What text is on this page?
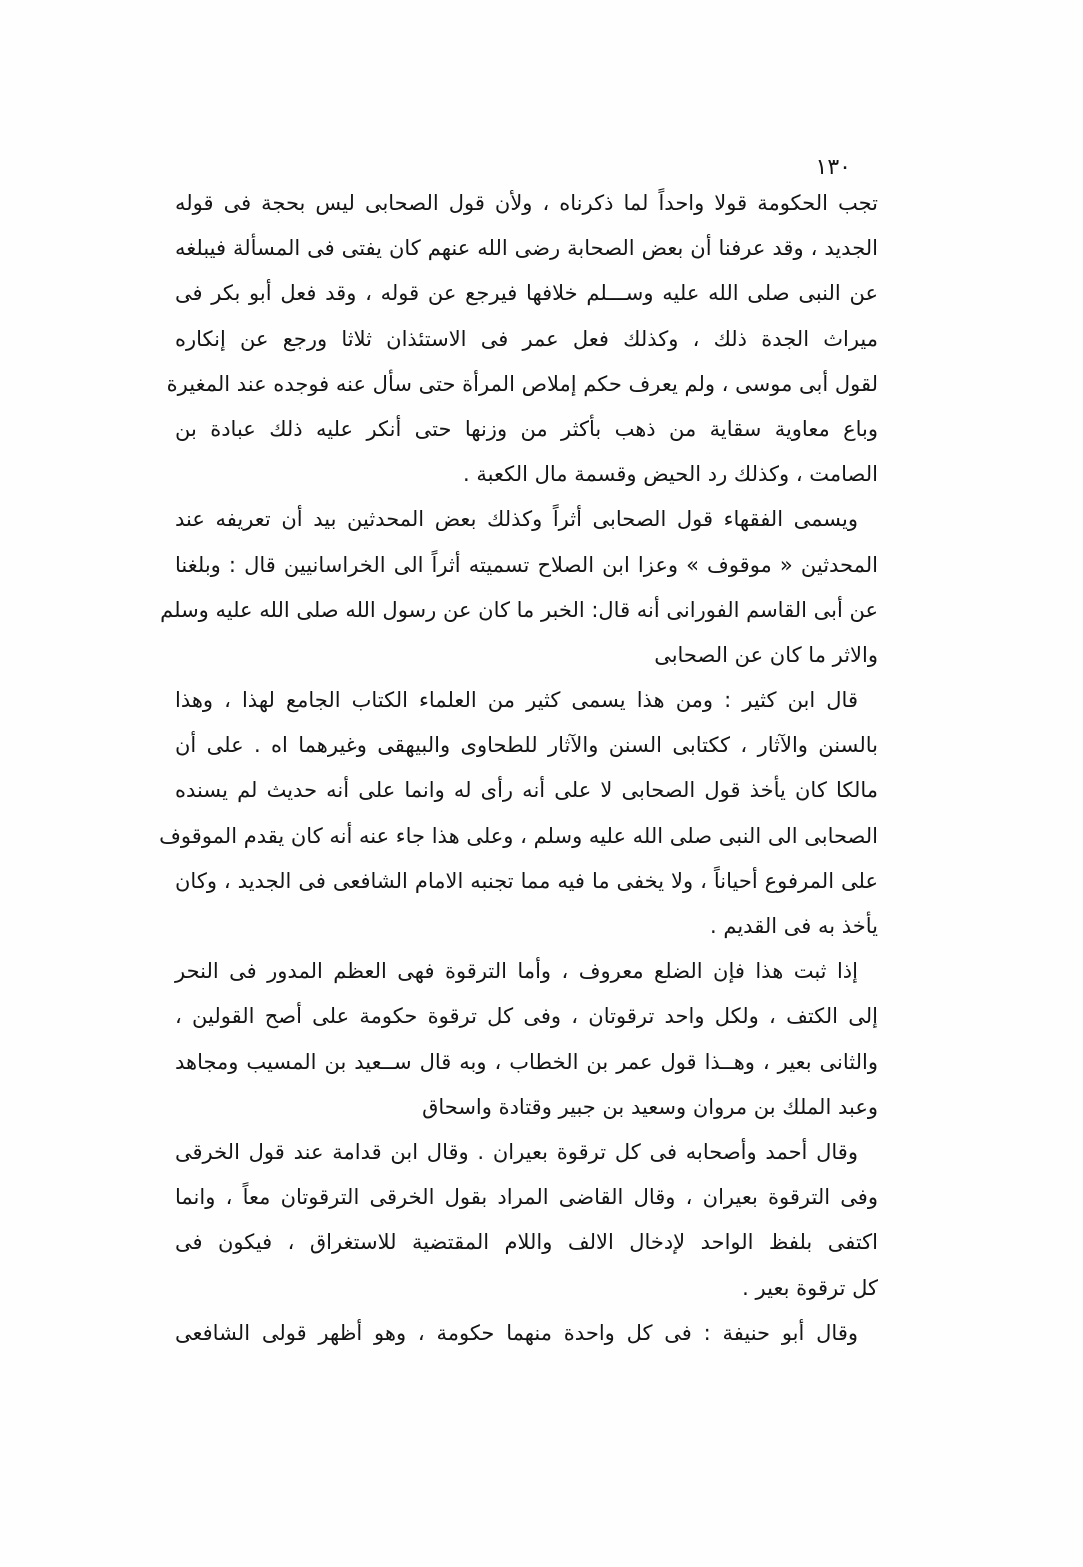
١٣٠
تجب الحكومة قولا واحداً لما ذكرناه ، ولأن قول الصحابى ليس بحجة فى قوله
الجديد ، وقد عرفنا أن بعض الصحابة رضى الله عنهم كان يفتى فى المسألة فيبلغه
عن النبى صلى الله عليه وســـلم خلافها فيرجع عن قوله ، وقد فعل أبو بكر فى
ميراث الجدة ذلك ، وكذلك فعل عمر فى الاستئذان ثلاثا ورجع عن إنكاره
لقول أبى موسى ، ولم يعرف حكم إملاص المرأة حتى سأل عنه فوجده عند المغيرة
وباع معاوية سقاية من ذهب بأكثر من وزنها حتى أنكر عليه ذلك عبادة بن
الصامت ، وكذلك رد الحيض وقسمة مال الكعبة .
ويسمى الفقهاء قول الصحابى أثراً وكذلك بعض المحدثين بيد أن تعريفه عند
المحدثين « موقوف » وعزا ابن الصلاح تسميته أثراً الى الخراسانيين قال : وبلغنا
عن أبى القاسم الفورانى أنه قال: الخبر ما كان عن رسول الله صلى الله عليه وسلم
والاثر ما كان عن الصحابى
قال ابن كثير : ومن هذا يسمى كثير من العلماء الكتاب الجامع لهذا ، وهذا
بالسنن والآثار ، ككتابى السنن والآثار للطحاوى والبيهقى وغيرهما اه . على أن
مالكا كان يأخذ قول الصحابى لا على أنه رأى له وانما على أنه حديث لم يسنده
الصحابى الى النبى صلى الله عليه وسلم ، وعلى هذا جاء عنه أنه كان يقدم الموقوف
على المرفوع أحياناً ، ولا يخفى ما فيه مما تجنبه الامام الشافعى فى الجديد ، وكان
يأخذ به فى القديم .
إذا ثبت هذا فإن الضلع معروف ، وأما الترقوة فهى العظم المدور فى النحر
إلى الكتف ، ولكل واحد ترقوتان ، وفى كل ترقوة حكومة على أصح القولين ،
والثانى بعير ، وهــذا قول عمر بن الخطاب ، وبه قال ســعيد بن المسيب ومجاهد
وعبد الملك بن مروان وسعيد بن جبير وقتادة واسحاق
وقال أحمد وأصحابه فى كل ترقوة بعيران . وقال ابن قدامة عند قول الخرقى
وفى الترقوة بعيران ، وقال القاضى المراد بقول الخرقى الترقوتان معاً ، وانما
اكتفى بلفظ الواحد لإدخال الالف واللام المقتضية للاستغراق ، فيكون فى
كل ترقوة بعير .
وقال أبو حنيفة : فى كل واحدة منهما حكومة ، وهو أظهر قولى الشافعى
